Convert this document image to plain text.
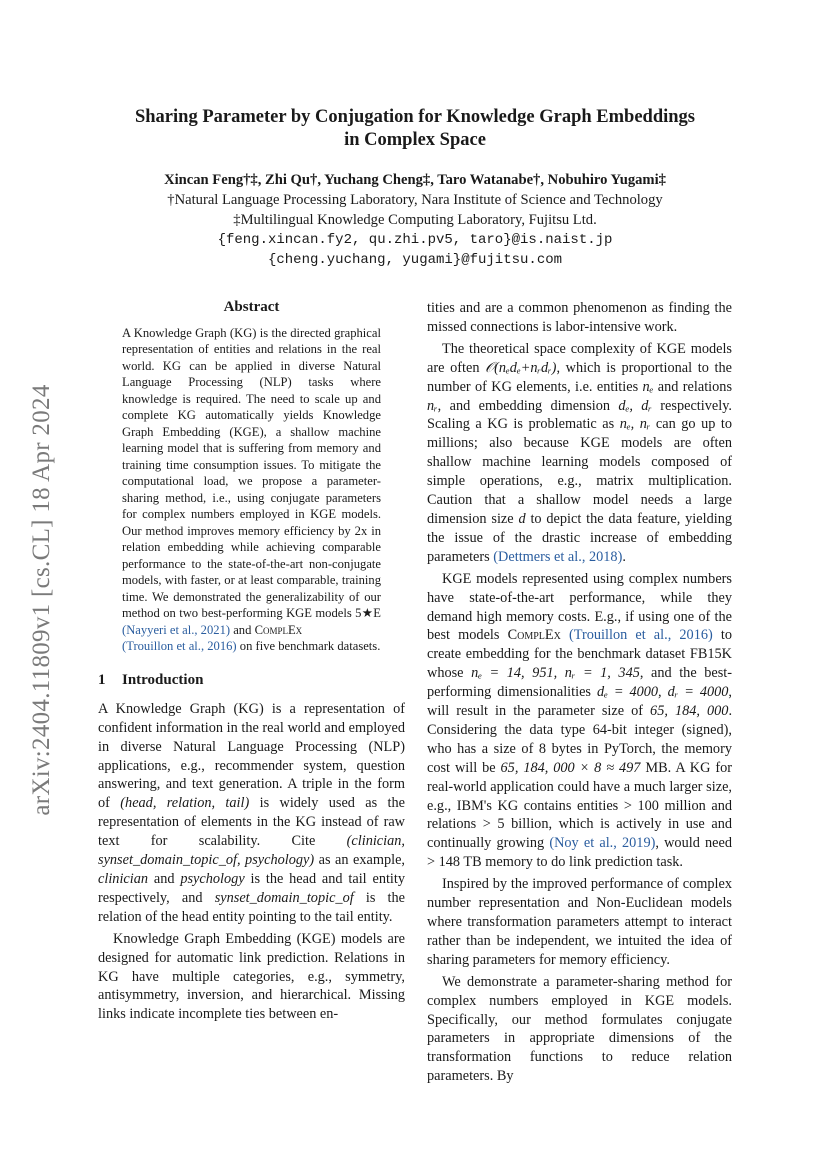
arXiv:2404.11809v1 [cs.CL] 18 Apr 2024
Sharing Parameter by Conjugation for Knowledge Graph Embeddings
in Complex Space
Xincan Feng†‡, Zhi Qu†, Yuchang Cheng‡, Taro Watanabe†, Nobuhiro Yugami‡
†Natural Language Processing Laboratory, Nara Institute of Science and Technology
‡Multilingual Knowledge Computing Laboratory, Fujitsu Ltd.
{feng.xincan.fy2, qu.zhi.pv5, taro}@is.naist.jp
{cheng.yuchang, yugami}@fujitsu.com
Abstract
A Knowledge Graph (KG) is the directed graphical representation of entities and relations in the real world. KG can be applied in diverse Natural Language Processing (NLP) tasks where knowledge is required. The need to scale up and complete KG automatically yields Knowledge Graph Embedding (KGE), a shallow machine learning model that is suffering from memory and training time consumption issues. To mitigate the computational load, we propose a parameter-sharing method, i.e., using conjugate parameters for complex numbers employed in KGE models. Our method improves memory efficiency by 2x in relation embedding while achieving comparable performance to the state-of-the-art non-conjugate models, with faster, or at least comparable, training time. We demonstrated the generalizability of our method on two best-performing KGE models 5★E (Nayyeri et al., 2021) and ComplEx
(Trouillon et al., 2016) on five benchmark datasets.
1 Introduction

A Knowledge Graph (KG) is a representation of confident information in the real world and employed in diverse Natural Language Processing (NLP) applications, e.g., recommender system, question answering, and text generation. A triple in the form of (head, relation, tail) is widely used as the representation of elements in the KG instead of raw text for scalability. Cite (clinician, synset_domain_topic_of, psychology) as an example, clinician and psychology is the head and tail entity respectively, and synset_domain_topic_of is the relation of the head entity pointing to the tail entity.

Knowledge Graph Embedding (KGE) models are designed for automatic link prediction. Relations in KG have multiple categories, e.g., symmetry, antisymmetry, inversion, and hierarchical. Missing links indicate incomplete ties between en-

tities and are a common phenomenon as finding the missed connections is labor-intensive work.

The theoretical space complexity of KGE models are often 𝒪(nₑdₑ+nᵣdᵣ), which is proportional to the number of KG elements, i.e. entities nₑ and relations nᵣ, and embedding dimension dₑ, dᵣ respectively. Scaling a KG is problematic as nₑ, nᵣ can go up to millions; also because KGE models are often shallow machine learning models composed of simple operations, e.g., matrix multiplication. Caution that a shallow model needs a large dimension size d to depict the data feature, yielding the issue of the drastic increase of embedding parameters (Dettmers et al., 2018).

KGE models represented using complex numbers have state-of-the-art performance, while they demand high memory costs. E.g., if using one of the best models ComplEx (Trouillon et al., 2016) to create embedding for the benchmark dataset FB15K whose nₑ = 14, 951, nᵣ = 1, 345, and the best-performing dimensionalities dₑ = 4000, dᵣ = 4000, will result in the parameter size of 65, 184, 000. Considering the data type 64-bit integer (signed), who has a size of 8 bytes in PyTorch, the memory cost will be 65, 184, 000 × 8 ≈ 497 MB. A KG for real-world application could have a much larger size, e.g., IBM's KG contains entities > 100 million and relations > 5 billion, which is actively in use and continually growing (Noy et al., 2019), would need > 148 TB memory to do link prediction task.

Inspired by the improved performance of complex number representation and Non-Euclidean models where transformation parameters attempt to interact rather than be independent, we intuited the idea of sharing parameters for memory efficiency.

We demonstrate a parameter-sharing method for complex numbers employed in KGE models. Specifically, our method formulates conjugate parameters in appropriate dimensions of the transformation functions to reduce relation parameters. By
